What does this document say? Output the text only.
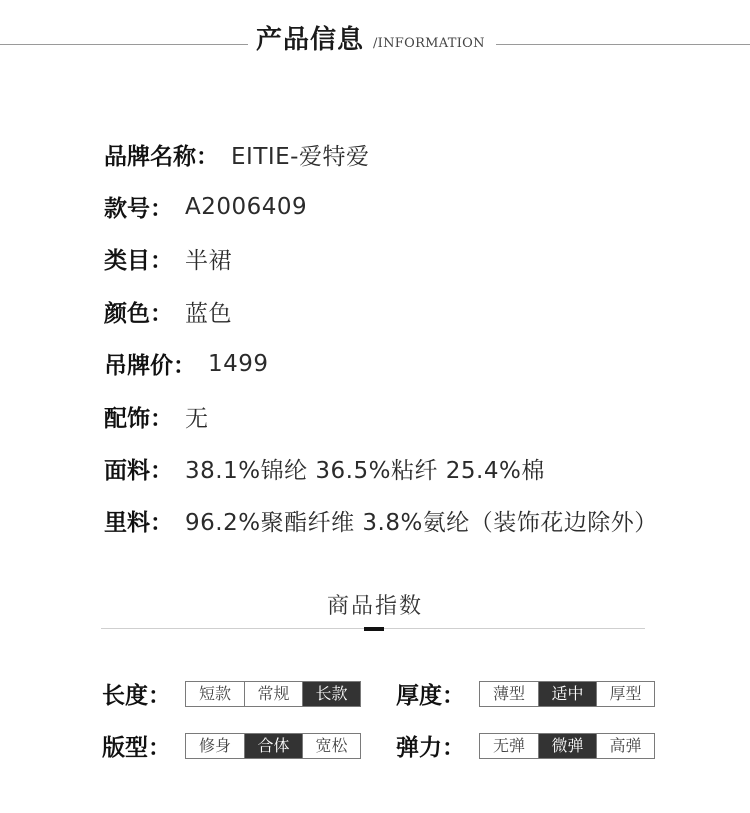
产品信息 /INFORMATION
品牌名称 ： EITIE-爱特爱
款号 ： A2006409
类目 ： 半裙
颜色 ： 蓝色
吊牌价 ： 1499
配饰 ： 无
面料 ： 38.1%锦纶 36.5%粘纤 25.4%棉
里料 ： 96.2%聚酯纤维 3.8%氨纶（装饰花边除外）
商品指数
长度：	短款	常规	长款	厚度：	薄型	适中	厚型
版型：	修身	合体	宽松	弹力：	无弹	微弹	高弹
